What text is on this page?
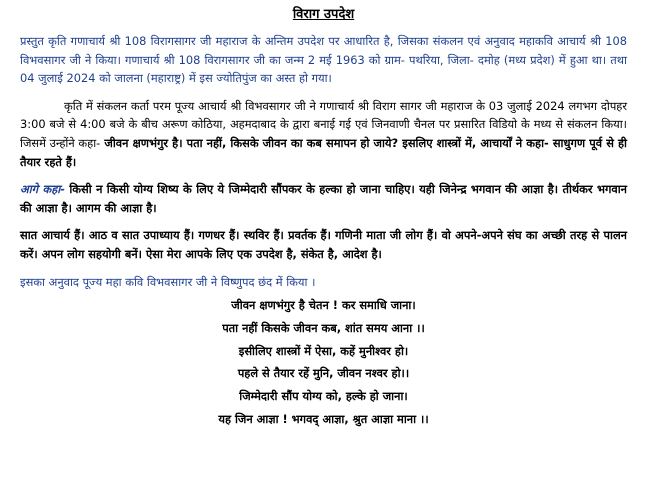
विराग उपदेश

प्रस्तुत कृति गणाचार्य श्री 108 विरागसागर जी महाराज के अन्तिम उपदेश पर आधारित है, जिसका संकलन एवं अनुवाद महाकवि आचार्य श्री 108 विभवसागर जी ने किया। गणाचार्य श्री 108 विरागसागर जी का जन्म 2 मई 1963 को ग्राम- पथरिया, जिला- दमोह (मध्य प्रदेश) में हुआ था। तथा 04 जुलाई 2024 को जालना (महाराष्ट्र) में इस ज्योतिपुंज का अस्त हो गया।

कृति में संकलन कर्ता परम पूज्य आचार्य श्री विभवसागर जी ने गणाचार्य श्री विराग सागर जी महाराज के 03 जुलाई 2024 लगभग दोपहर 3:00 बजे से 4:00 बजे के बीच अरूण कोठिया, अहमदाबाद के द्वारा बनाई गई एवं जिनवाणी चैनल पर प्रसारित विडियो के मध्य से संकलन किया। जिसमें उन्होंने कहा- जीवन क्षणभंगुर है। पता नहीं, किसके जीवन का कब समापन हो जाये? इसलिए शास्त्रों में, आचार्यों ने कहा- साधुगण पूर्व से ही तैयार रहते हैं।

आगे कहा- किसी न किसी योग्य शिष्य के लिए ये जिम्मेदारी सौंपकर के हल्का हो जाना चाहिए। यही जिनेन्द्र भगवान की आज्ञा है। तीर्थकर भगवान की आज्ञा है। आगम की आज्ञा है।

सात आचार्य हैं। आठ व सात उपाध्याय हैं। गणधर हैं। स्थविर हैं। प्रवर्तक हैं। गणिनी माता जी लोग हैं। वो अपने-अपने संघ का अच्छी तरह से पालन करें। अपन लोग सहयोगी बनें। ऐसा मेरा आपके लिए एक उपदेश है, संकेत है, आदेश है।

इसका अनुवाद पूज्य महा कवि विभवसागर जी ने विष्णुपद छंद में किया ।

जीवन क्षणभंगुर है चेतन ! कर समाधि जाना।
पता नहीं किसके जीवन कब, शांत समय आना ।।
इसीलिए शास्त्रों में ऐसा, कहें मुनीश्वर हो।
पहले से तैयार रहें मुनि, जीवन नश्वर हो।।
जिम्मेदारी सौंप योग्य को, हल्के हो जाना।
यह जिन आज्ञा ! भगवद् आज्ञा, श्रुत आज्ञा माना ।।
